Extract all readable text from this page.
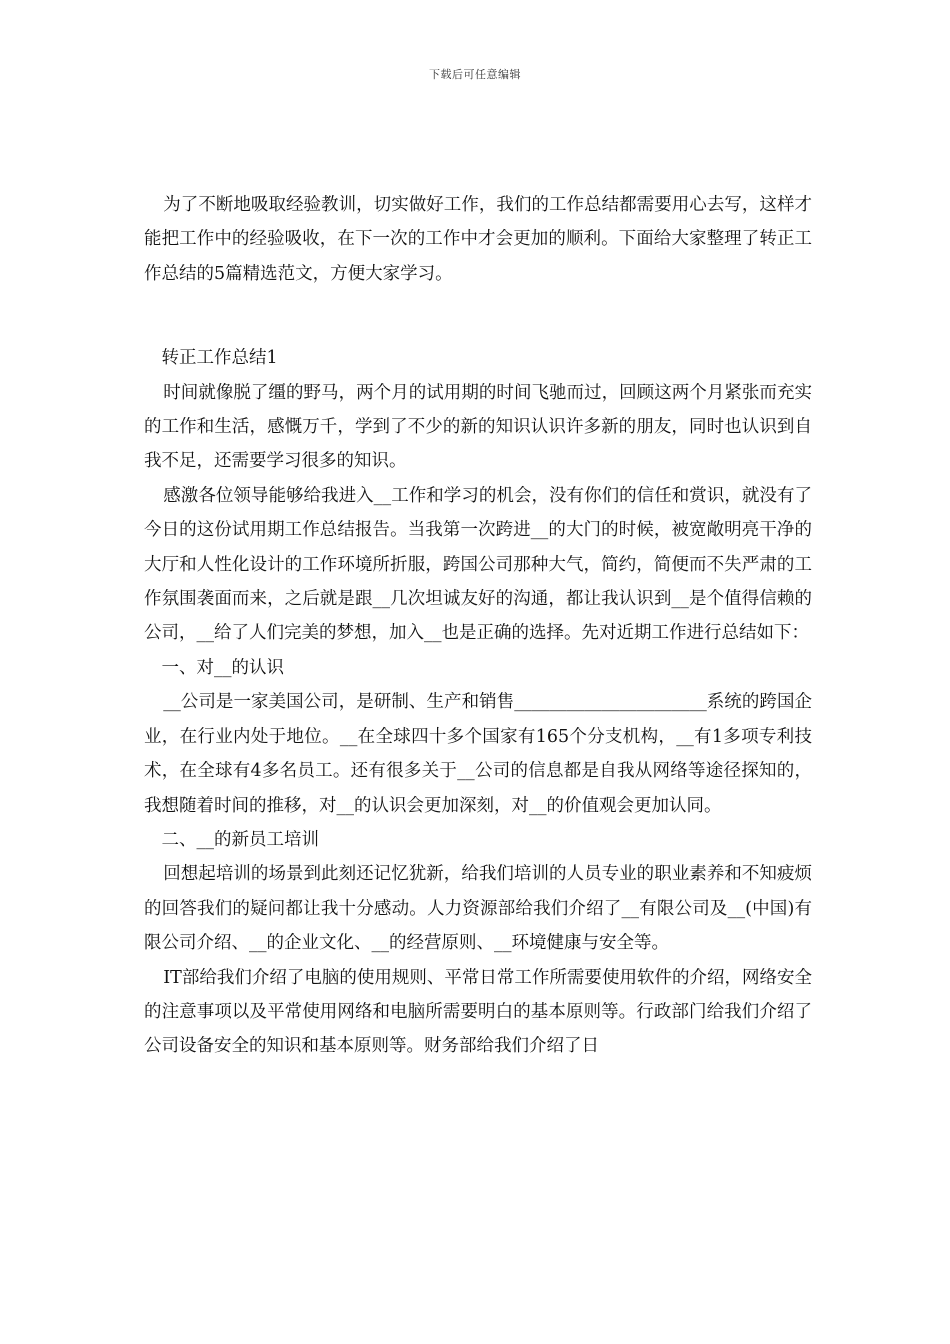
下载后可任意编辑

为了不断地吸取经验教训，切实做好工作，我们的工作总结都需要用心去写，这样才能把工作中的经验吸收，在下一次的工作中才会更加的顺利。下面给大家整理了转正工作总结的5篇精选范文，方便大家学习。

转正工作总结1

时间就像脱了缰的野马，两个月的试用期的时间飞驰而过，回顾这两个月紧张而充实的工作和生活，感慨万千，学到了不少的新的知识认识许多新的朋友，同时也认识到自我不足，还需要学习很多的知识。

感激各位领导能够给我进入__工作和学习的机会，没有你们的信任和赏识，就没有了今日的这份试用期工作总结报告。当我第一次跨进__的大门的时候，被宽敞明亮干净的大厅和人性化设计的工作环境所折服，跨国公司那种大气，简约，简便而不失严肃的工作氛围袭面而来，之后就是跟__几次坦诚友好的沟通，都让我认识到__是个值得信赖的公司，__给了人们完美的梦想，加入__也是正确的选择。先对近期工作进行总结如下：

一、对__的认识

__公司是一家美国公司，是研制、生产和销售______________________系统的跨国企业，在行业内处于地位。__在全球四十多个国家有165个分支机构，__有1多项专利技术，在全球有4多名员工。还有很多关于__公司的信息都是自我从网络等途径探知的，我想随着时间的推移，对__的认识会更加深刻，对__的价值观会更加认同。

二、__的新员工培训

回想起培训的场景到此刻还记忆犹新，给我们培训的人员专业的职业素养和不知疲烦的回答我们的疑问都让我十分感动。人力资源部给我们介绍了__有限公司及__(中国)有限公司介绍、__的企业文化、__的经营原则、__环境健康与安全等。

IT部给我们介绍了电脑的使用规则、平常日常工作所需要使用软件的介绍，网络安全的注意事项以及平常使用网络和电脑所需要明白的基本原则等。行政部门给我们介绍了公司设备安全的知识和基本原则等。财务部给我们介绍了日
